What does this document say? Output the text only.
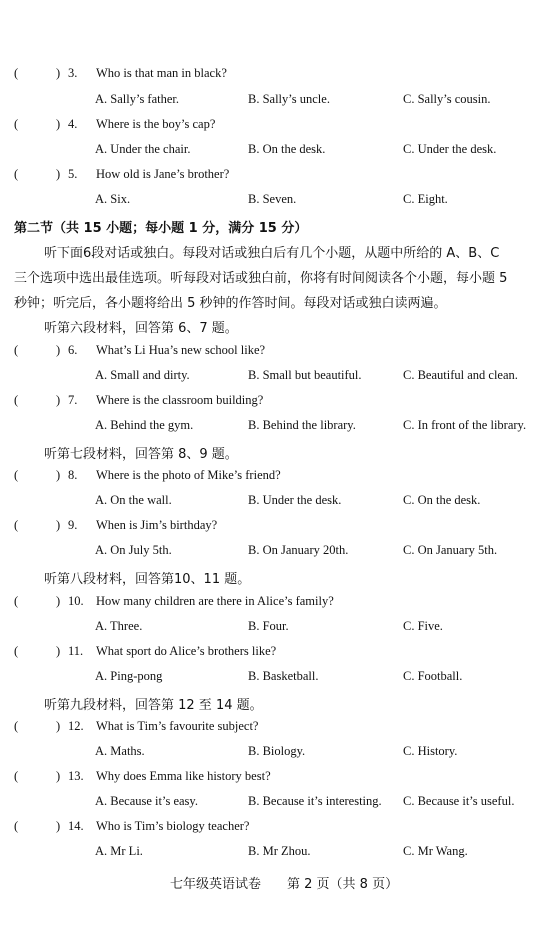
(	) 3. Who is that man in black?
A. Sally’s father.	B. Sally’s uncle.	C. Sally’s cousin.
(	) 4. Where is the boy’s cap?
A. Under the chair.	B. On the desk.	C. Under the desk.
(	) 5. How old is Jane’s brother?
A. Six.	B. Seven.	C. Eight.
第二节（共 15 小题；每小题 1 分，满分 15 分）
听下面6段对话或独白。每段对话或独白后有几个小题，从题中所给的 A、B、C
三个选项中选出最佳选项。听每段对话或独白前，你将有时间阅读各个小题，每小题 5
秒钟；听完后，各小题将给出 5 秒钟的作答时间。每段对话或独白读两遍。
听第六段材料，回答第 6、7 题。
(	) 6. What’s Li Hua’s new school like?
A. Small and dirty.	B. Small but beautiful.	C. Beautiful and clean.
(	) 7. Where is the classroom building?
A. Behind the gym.	B. Behind the library.	C. In front of the library.
听第七段材料，回答第 8、9 题。
(	) 8. Where is the photo of Mike’s friend?
A. On the wall.	B. Under the desk.	C. On the desk.
(	) 9. When is Jim’s birthday?
A. On July 5th.	B. On January 20th.	C. On January 5th.
听第八段材料，回答第10、11 题。
(	) 10. How many children are there in Alice’s family?
A. Three.	B. Four.	C. Five.
(	) 11. What sport do Alice’s brothers like?
A. Ping-pong	B. Basketball.	C. Football.
听第九段材料，回答第 12 至 14 题。
(	) 12. What is Tim’s favourite subject?
A. Maths.	B. Biology.	C. History.
(	) 13. Why does Emma like history best?
A. Because it’s easy.	B. Because it’s interesting. C. Because it’s useful.
(	) 14. Who is Tim’s biology teacher?
A. Mr Li.	B. Mr Zhou.	C. Mr Wang.
七年级英语试卷 第 2 页（共 8 页）
